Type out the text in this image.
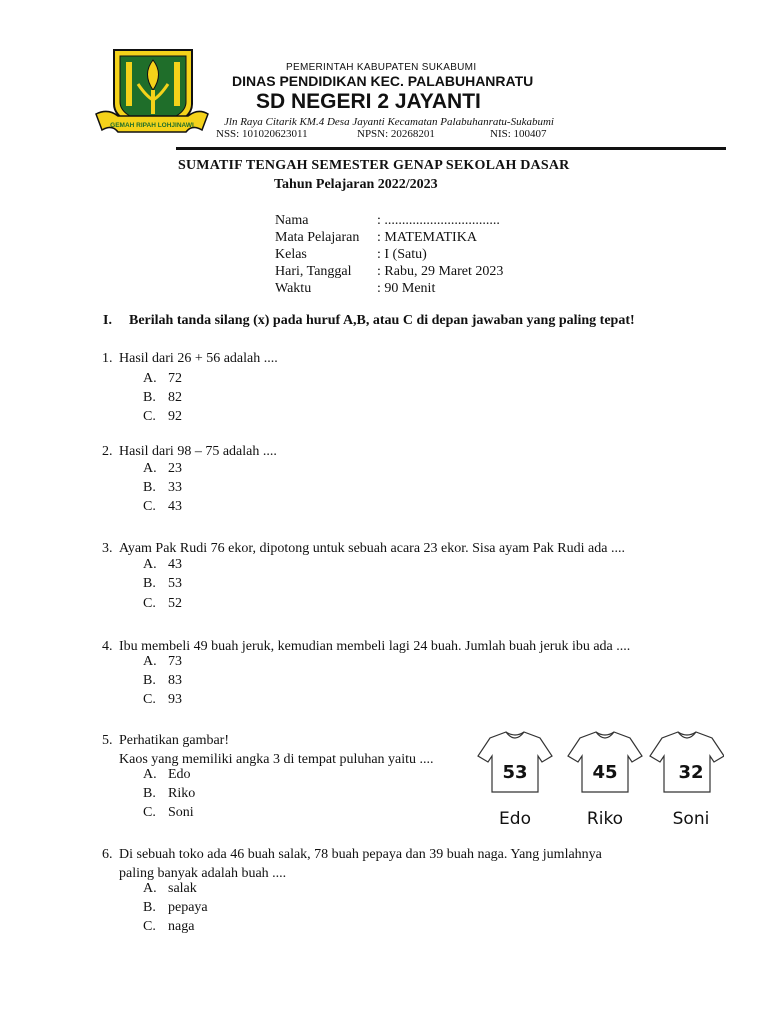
GEMAH RIPAH LOHJINAWI
PEMERINTAH KABUPATEN SUKABUMI
DINAS PENDIDIKAN KEC. PALABUHANRATU
SD NEGERI 2 JAYANTI
Jln Raya Citarik KM.4 Desa Jayanti Kecamatan Palabuhanratu-Sukabumi
NSS: 101020623011	NPSN: 20268201	NIS: 100407
SUMATIF TENGAH SEMESTER GENAP SEKOLAH DASAR
Tahun Pelajaran 2022/2023
Nama	: .................................
Mata Pelajaran : MATEMATIKA
Kelas	: I (Satu)
Hari, Tanggal : Rabu, 29 Maret 2023
Waktu	: 90 Menit
I. Berilah tanda silang (x) pada huruf A,B, atau C di depan jawaban yang paling tepat!
1. Hasil dari 26 + 56 adalah ....
A. 72
B. 82
C. 92
2. Hasil dari 98 – 75 adalah ....
A. 23
B. 33
C. 43
3. Ayam Pak Rudi 76 ekor, dipotong untuk sebuah acara 23 ekor. Sisa ayam Pak Rudi ada ....
A. 43
B. 53
C. 52
4. Ibu membeli 49 buah jeruk, kemudian membeli lagi 24 buah. Jumlah buah jeruk ibu ada ....
A. 73
B. 83
C. 93
5. Perhatikan gambar!
Kaos yang memiliki angka 3 di tempat puluhan yaitu ....
A. Edo
B. Riko
C. Soni
53
Edo
45
Riko
32
Soni
6. Di sebuah toko ada 46 buah salak, 78 buah pepaya dan 39 buah naga. Yang jumlahnya
paling banyak adalah buah ....
A. salak
B. pepaya
C. naga
